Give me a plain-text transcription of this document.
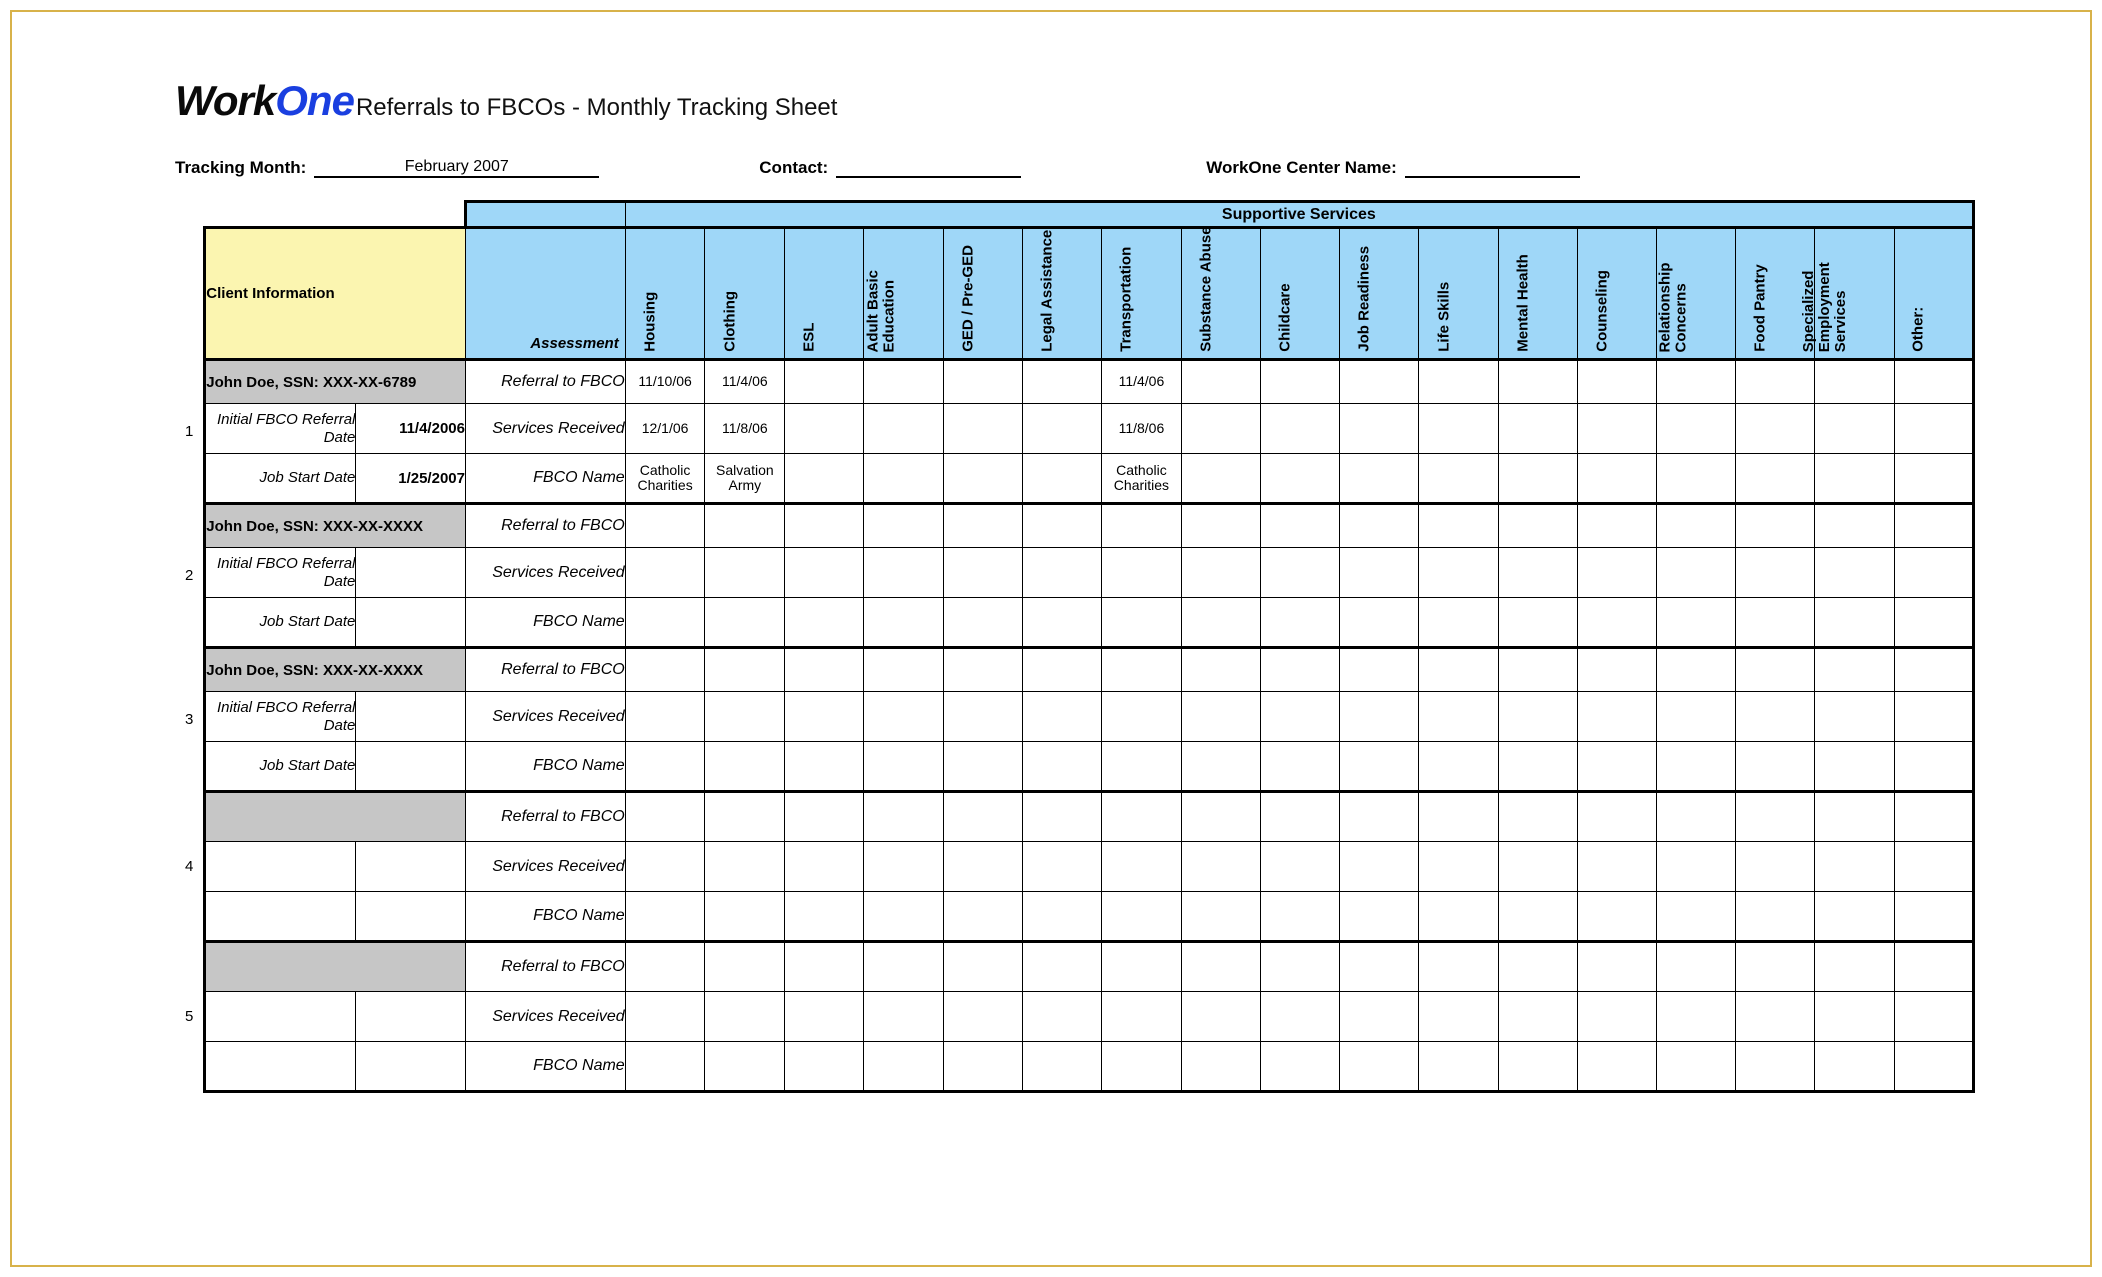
WorkOne Referrals to FBCOs - Monthly Tracking Sheet
Tracking Month:	February 2007	Contact:	WorkOne Center Name:
				Supportive Services																

	Client Information		Assessment	Housing	Clothing	ESL	Adult Basic Education	GED / Pre-GED	Legal Assistance	Transportation	Substance Abuse	Childcare	Job Readiness	Life Skills	Mental Health	Counseling	Relationship Concerns	Food Pantry	Specialized Employment Services	Other:

1	John Doe, SSN: XXX-XX-6789		Referral to FBCO	11/10/06	11/4/06					11/4/06										
	Initial FBCO Referral Date	11/4/2006	Services Received	12/1/06	11/8/06					11/8/06										
	Job Start Date	1/25/2007	FBCO Name	Catholic Charities	Salvation Army					Catholic Charities										
2	John Doe, SSN: XXX-XX-XXXX		Referral to FBCO																	
	Initial FBCO Referral Date		Services Received																	
	Job Start Date		FBCO Name																	
3	John Doe, SSN: XXX-XX-XXXX		Referral to FBCO																	
	Initial FBCO Referral Date		Services Received																	
	Job Start Date		FBCO Name																	
4			Referral to FBCO																	
			Services Received																	
			FBCO Name																	
5			Referral to FBCO																	
			Services Received																	
			FBCO Name																	
